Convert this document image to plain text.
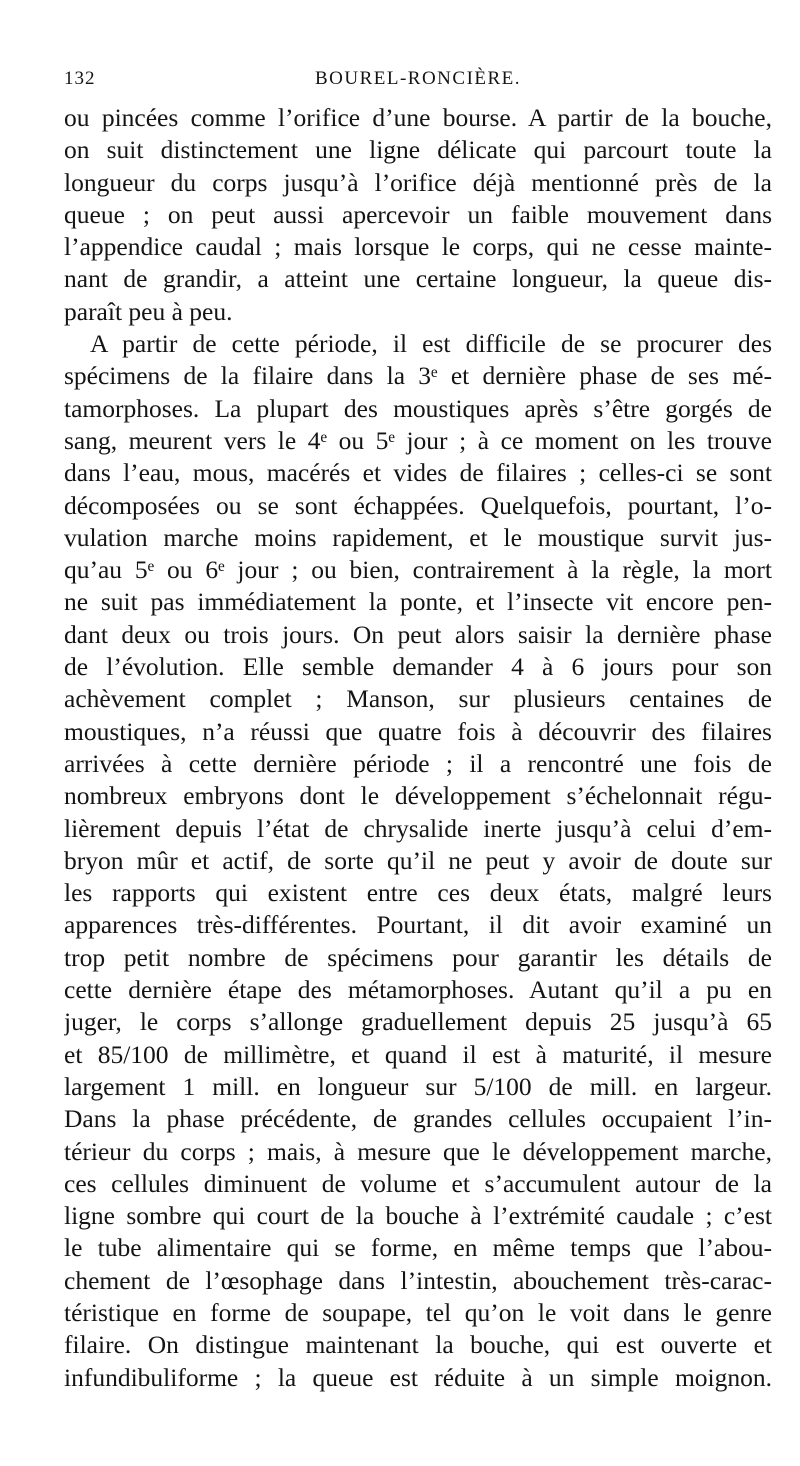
132	BOUREL-RONCIÈRE.
ou pincées comme l’orifice d’une bourse. A partir de la bouche,
on suit distinctement une ligne délicate qui parcourt toute la
longueur du corps jusqu’à l’orifice déjà mentionné près de la
queue ; on peut aussi apercevoir un faible mouvement dans
l’appendice caudal ; mais lorsque le corps, qui ne cesse mainte-
nant de grandir, a atteint une certaine longueur, la queue dis-
paraît peu à peu.
A partir de cette période, il est difficile de se procurer des
spécimens de la filaire dans la 3ᵉ et dernière phase de ses mé-
tamorphoses. La plupart des moustiques après s’être gorgés de
sang, meurent vers le 4ᵉ ou 5ᵉ jour ; à ce moment on les trouve
dans l’eau, mous, macérés et vides de filaires ; celles-ci se sont
décomposées ou se sont échappées. Quelquefois, pourtant, l’o-
vulation marche moins rapidement, et le moustique survit jus-
qu’au 5ᵉ ou 6ᵉ jour ; ou bien, contrairement à la règle, la mort
ne suit pas immédiatement la ponte, et l’insecte vit encore pen-
dant deux ou trois jours. On peut alors saisir la dernière phase
de l’évolution. Elle semble demander 4 à 6 jours pour son
achèvement complet ; Manson, sur plusieurs centaines de
moustiques, n’a réussi que quatre fois à découvrir des filaires
arrivées à cette dernière période ; il a rencontré une fois de
nombreux embryons dont le développement s’échelonnait régu-
lièrement depuis l’état de chrysalide inerte jusqu’à celui d’em-
bryon mûr et actif, de sorte qu’il ne peut y avoir de doute sur
les rapports qui existent entre ces deux états, malgré leurs
apparences très-différentes. Pourtant, il dit avoir examiné un
trop petit nombre de spécimens pour garantir les détails de
cette dernière étape des métamorphoses. Autant qu’il a pu en
juger, le corps s’allonge graduellement depuis 25 jusqu’à 65
et 85/100 de millimètre, et quand il est à maturité, il mesure
largement 1 mill. en longueur sur 5/100 de mill. en largeur.
Dans la phase précédente, de grandes cellules occupaient l’in-
térieur du corps ; mais, à mesure que le développement marche,
ces cellules diminuent de volume et s’accumulent autour de la
ligne sombre qui court de la bouche à l’extrémité caudale ; c’est
le tube alimentaire qui se forme, en même temps que l’abou-
chement de l’œsophage dans l’intestin, abouchement très-carac-
téristique en forme de soupape, tel qu’on le voit dans le genre
filaire. On distingue maintenant la bouche, qui est ouverte et
infundibuliforme ; la queue est réduite à un simple moignon.
